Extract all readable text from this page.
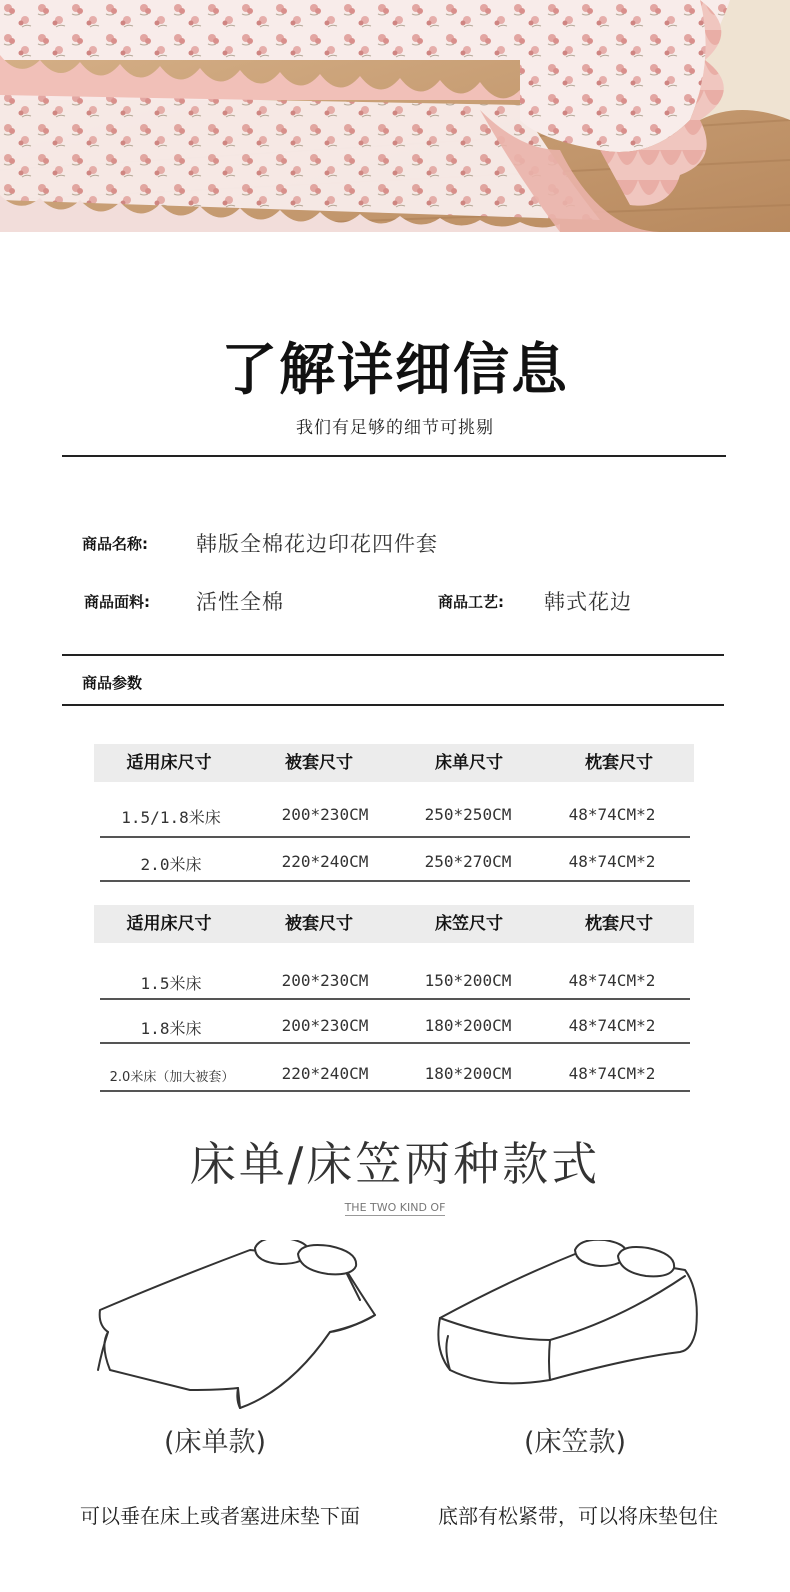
了解详细信息
我们有足够的细节可挑剔
商品名称: 韩版全棉花边印花四件套
商品面料: 活性全棉	商品工艺: 韩式花边
商品参数
适用床尺寸	被套尺寸	床单尺寸	枕套尺寸
1.5/1.8米床	200*230CM	250*250CM	48*74CM*2
2.0米床	220*240CM	250*270CM	48*74CM*2
适用床尺寸	被套尺寸	床笠尺寸	枕套尺寸
1.5米床	200*230CM	150*200CM	48*74CM*2
1.8米床	200*230CM	180*200CM	48*74CM*2
2.0米床（加大被套）	220*240CM	180*200CM	48*74CM*2
床单/床笠两种款式
THE TWO KIND OF
(床单款)	(床笠款)
可以垂在床上或者塞进床垫下面	底部有松紧带，可以将床垫包住
